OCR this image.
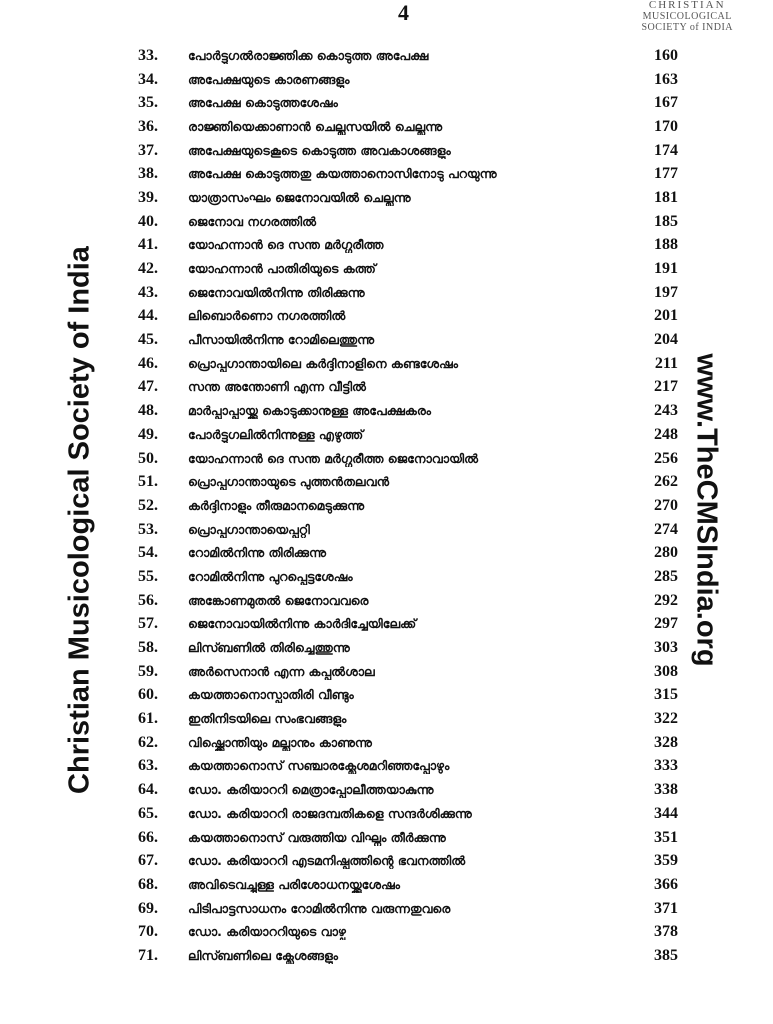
4	CHRISTIAN
MUSICOLOGICAL
SOCIETY of INDIA
Christian Musicological Society of India	www.TheCMSIndia.org
33.	പോർട്ടുഗൽരാജ്ഞിക്ക കൊടുത്ത അപേക്ഷ	160
34.	അപേക്ഷയുടെ കാരണങ്ങളും	163
35.	അപേക്ഷ കൊടുത്തശേഷം	167
36.	രാജ്ഞിയെക്കാണാൻ ചെല്ലുസയിൽ ചെല്ലുന്നു	170
37.	അപേക്ഷയുടെകൂടെ കൊടുത്ത അവകാശങ്ങളും	174
38.	അപേക്ഷ കൊടുത്തതു കയത്താനൊസിനോടു പറയുന്നു	177
39.	യാത്രാസംഘം ജെനോവയിൽ ചെല്ലുന്നു	181
40.	ജെനോവ നഗരത്തിൽ	185
41.	യോഹന്നാൻ ദെ സന്ത മർഗ്ഗരീത്ത	188
42.	യോഹന്നാൻ പാതിരിയുടെ കത്ത്	191
43.	ജെനോവയിൽനിന്നു തിരിക്കുന്നു	197
44.	ലിബൊർണൊ നഗരത്തിൽ	201
45.	പീസായിൽനിന്നു റോമിലെത്തുന്നു	204
46.	പ്രൊപ്പഗാന്തായിലെ കർദ്ദിനാളിനെ കണ്ടശേഷം	211
47.	സന്ത അന്തോണി എന്ന വീട്ടിൽ	217
48.	മാർപ്പാപ്പായ്ക്കു കൊടുക്കാനുള്ള അപേക്ഷകരം	243
49.	പോർട്ടുഗലിൽനിന്നുള്ള എഴുത്ത്	248
50.	യോഹന്നാൻ ദെ സന്ത മർഗ്ഗരീത്ത ജെനോവായിൽ	256
51.	പ്രൊപ്പഗാന്തായുടെ പുത്തൻതലവൻ	262
52.	കർദ്ദിനാളും തീരുമാനമെടുക്കുന്നു	270
53.	പ്രൊപ്പഗാന്തായെപ്പറ്റി	274
54.	റോമിൽനിന്നു തിരിക്കുന്നു	280
55.	റോമിൽനിന്നു പുറപ്പെട്ടശേഷം	285
56.	അങ്കോണമുതൽ ജെനോവവരെ	292
57.	ജെനോവായിൽനിന്നു കാർദിച്ചേയിലേക്ക്	297
58.	ലിസ്ബണിൽ തിരിച്ചെത്തുന്നു	303
59.	അർസെനാൻ എന്ന കപ്പൽശാല	308
60.	കയത്താനൊസ്പാതിരി വീണ്ടും	315
61.	ഇതിനിടയിലെ സംഭവങ്ങളും	322
62.	വിഷ്ക്കൊന്തിയും മല്ലാനും കാണുന്നു	328
63.	കയത്താനൊസ് സഞ്ചാരക്ലേശമറിഞ്ഞപ്പോഴും	333
64.	ഡോ. കരിയാററി മെത്രാപ്പോലീത്തയാകുന്നു	338
65.	ഡോ. കരിയാററി രാജദമ്പതികളെ സന്ദർശിക്കുന്നു	344
66.	കയത്താനൊസ് വരുത്തിയ വിഘ്നം തീർക്കുന്നു	351
67.	ഡോ. കരിയാററി എടമനിഷ്പത്തിന്റെ ഭവനത്തിൽ	359
68.	അവിടെവച്ചുള്ള പരിശോധനയ്ക്കുശേഷം	366
69.	പിടിപാട്ടസാധനം റോമിൽനിന്നു വരുന്നതുവരെ	371
70.	ഡോ. കരിയാററിയുടെ വാഴ്ച	378
71.	ലിസ്ബണിലെ ക്ലേശങ്ങളും	385
